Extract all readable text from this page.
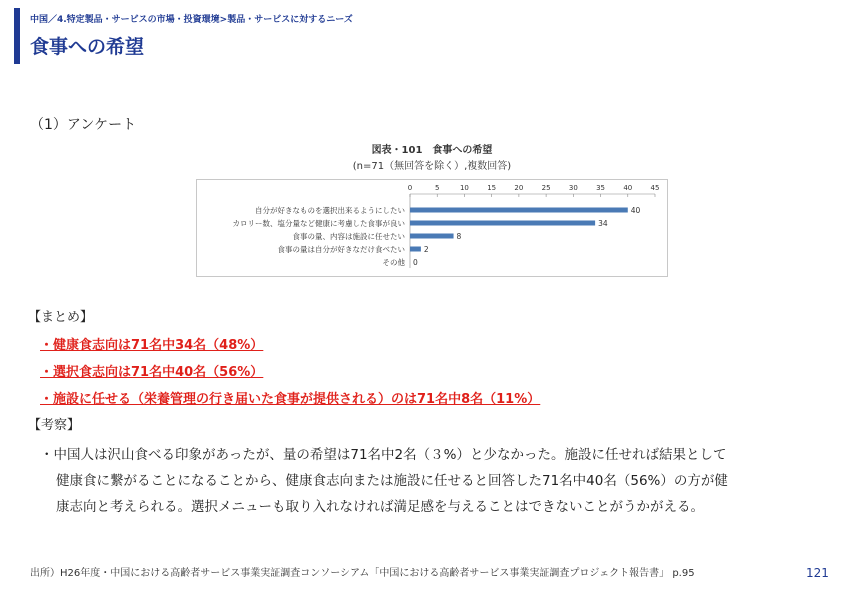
中国／4.特定製品・サービスの市場・投資環境>製品・サービスに対するニーズ
食事への希望
（1）アンケート
図表・101　食事への希望
(n=71（無回答を除く）,複数回答)
0	5	10	15	20	25	30	35	40	45
自分が好きなものを選択出来るようにしたい	40
カロリー数、塩分量など健康に考慮した食事が良い	34
食事の量、内容は施設に任せたい	8
食事の量は自分が好きなだけ食べたい	2
その他 0
【まとめ】
・健康食志向は71名中34名（48%）
・選択食志向は71名中40名（56%）
・施設に任せる（栄養管理の行き届いた食事が提供される）のは71名中8名（11%）
【考察】
・中国人は沢山食べる印象があったが、量の希望は71名中2名（３%）と少なかった。施設に任せれば結果として
健康食に繋がることになることから、健康食志向または施設に任せると回答した71名中40名（56%）の方が健
康志向と考えられる。選択メニューも取り入れなければ満足感を与えることはできないことがうかがえる。
出所）H26年度・中国における高齢者サービス事業実証調査コンソーシアム「中国における高齢者サービス事業実証調査プロジェクト報告書」 p.95	121
